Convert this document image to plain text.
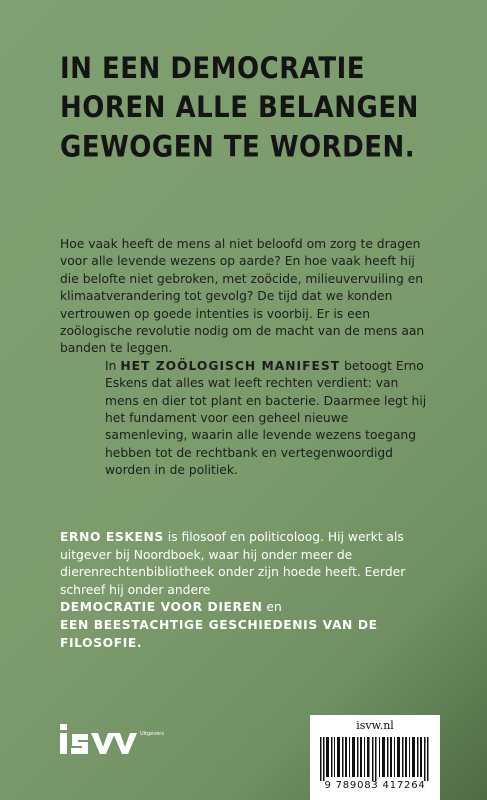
IN EEN DEMOCRATIE
HOREN ALLE BELANGEN
GEWOGEN TE WORDEN.

Hoe vaak heeft de mens al niet beloofd om zorg te dragen voor alle levende wezens op aarde? En hoe vaak heeft hij die belofte niet gebroken, met zoöcide, milieuvervuiling en klimaatverandering tot gevolg? De tijd dat we konden vertrouwen op goede intenties is voorbij. Er is een zoölogische revolutie nodig om de macht van de mens aan banden te leggen.

In HET ZOÖLOGISCH MANIFEST betoogt Erno Eskens dat alles wat leeft rechten verdient: van mens en dier tot plant en bacterie. Daarmee legt hij het fundament voor een geheel nieuwe samenleving, waarin alle levende wezens toegang hebben tot de rechtbank en vertegenwoordigd worden in de politiek.

ERNO ESKENS is filosoof en politicoloog. Hij werkt als uitgever bij Noordboek, waar hij onder meer de dierenrechtenbibliotheek onder zijn hoede heeft. Eerder schreef hij onder andere
DEMOCRATIE VOOR DIEREN en
EEN BEESTACHTIGE GESCHIEDENIS VAN DE FILOSOFIE.
Uitgevers
isvw.nl
9 789083 417264
